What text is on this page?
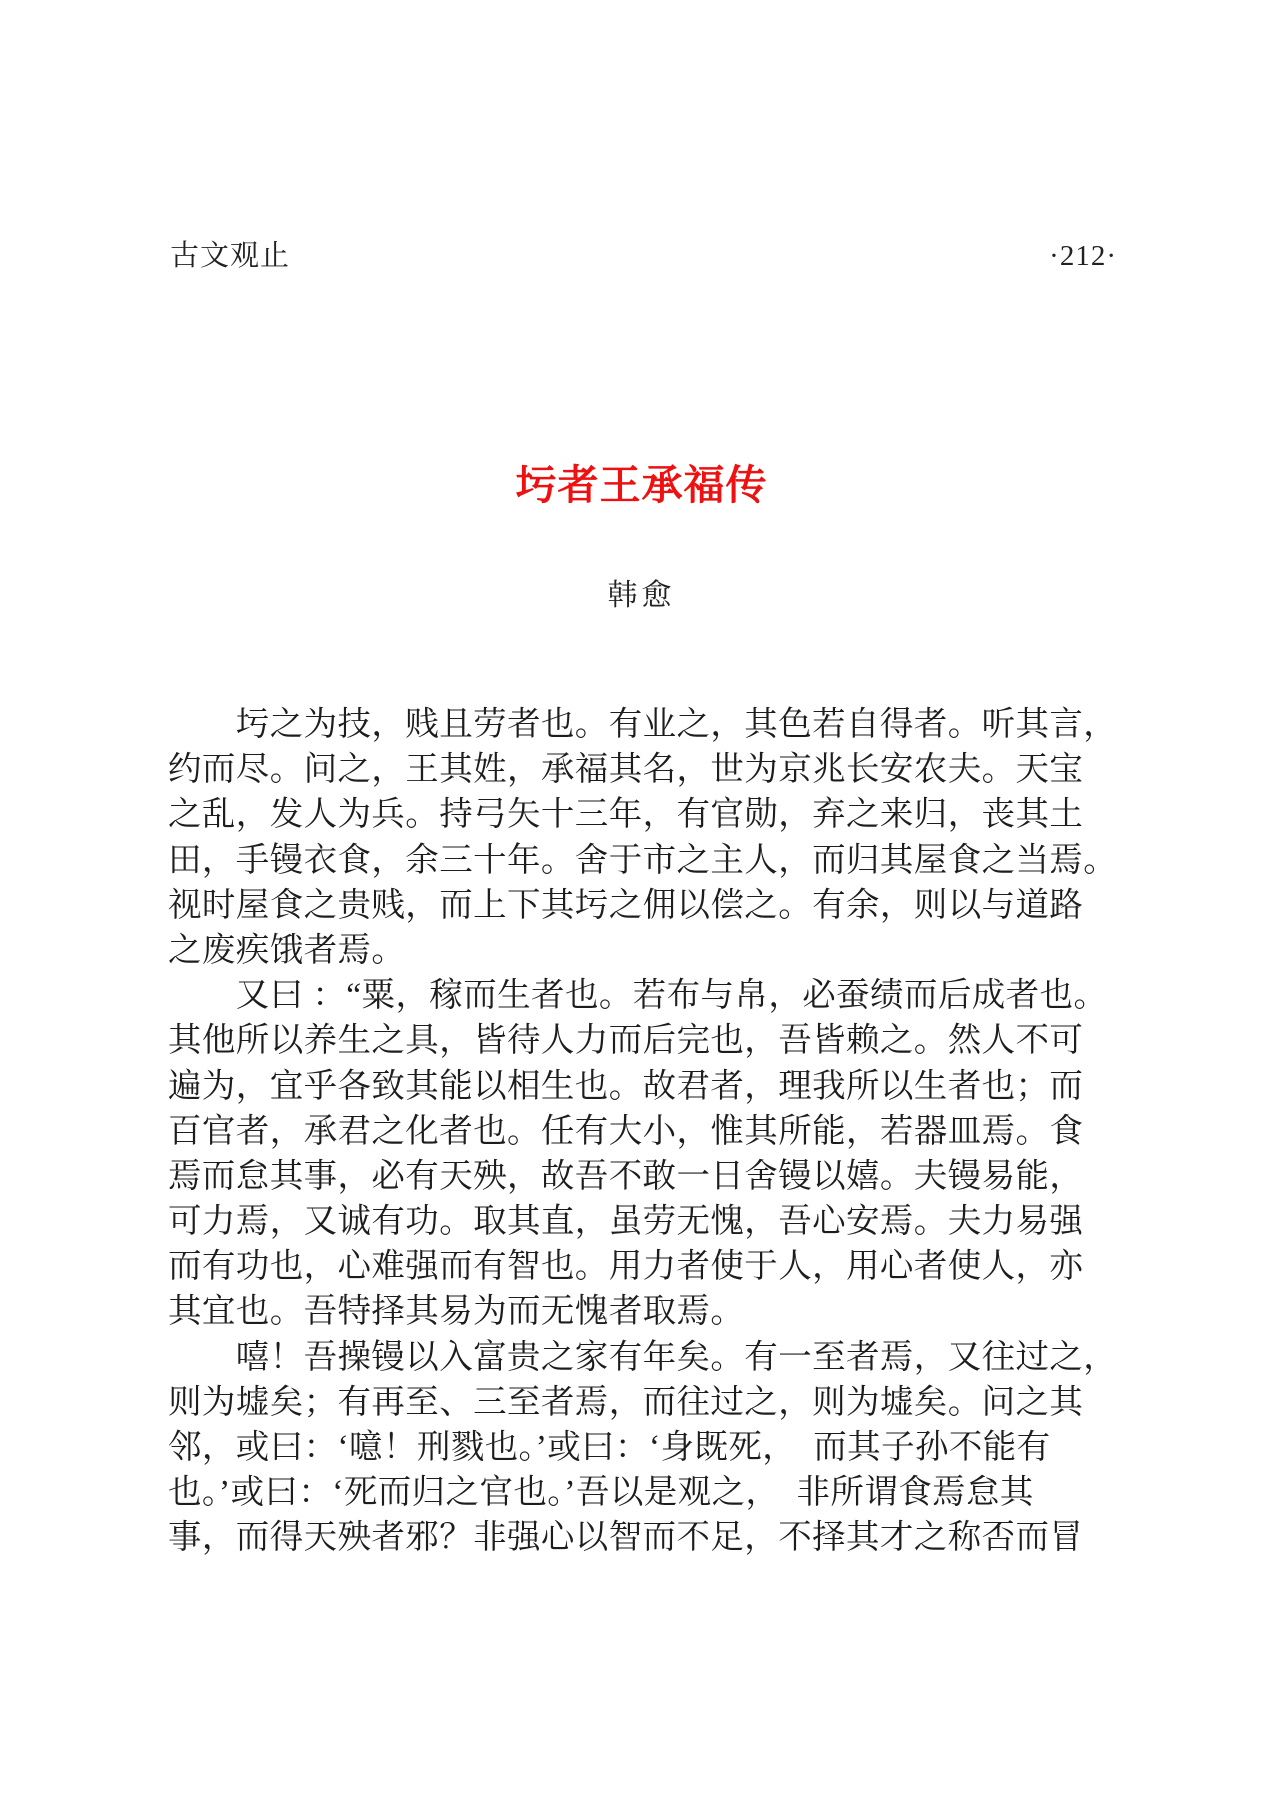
古文观止	·212·
圬者王承福传
韩愈
　　圬之为技，贱且劳者也。有业之，其色若自得者。听其言，
约而尽。问之，王其姓，承福其名，世为京兆长安农夫。天宝
之乱，发人为兵。持弓矢十三年，有官勋，弃之来归，丧其土
田，手镘衣食，余三十年。舍于市之主人，而归其屋食之当焉。
视时屋食之贵贱，而上下其圬之佣以偿之。有余，则以与道路
之废疾饿者焉。
　　又曰 ：“粟，稼而生者也。若布与帛，必蚕绩而后成者也。
其他所以养生之具，皆待人力而后完也，吾皆赖之。然人不可
遍为，宜乎各致其能以相生也。故君者，理我所以生者也；而
百官者，承君之化者也。任有大小，惟其所能，若器皿焉。食
焉而怠其事，必有天殃，故吾不敢一日舍镘以嬉。夫镘易能，
可力焉，又诚有功。取其直，虽劳无愧，吾心安焉。夫力易强
而有功也，心难强而有智也。用力者使于人，用心者使人，亦
其宜也。吾特择其易为而无愧者取焉。
　　嘻！吾操镘以入富贵之家有年矣。有一至者焉，又往过之，
则为墟矣；有再至、三至者焉，而往过之，则为墟矣。问之其
邻，或曰：‘噫！刑戮也。’或曰：‘身既死，　而其子孙不能有
也。’或曰：‘死而归之官也。’吾以是观之，　非所谓食焉怠其
事，而得天殃者邪？非强心以智而不足，不择其才之称否而冒
